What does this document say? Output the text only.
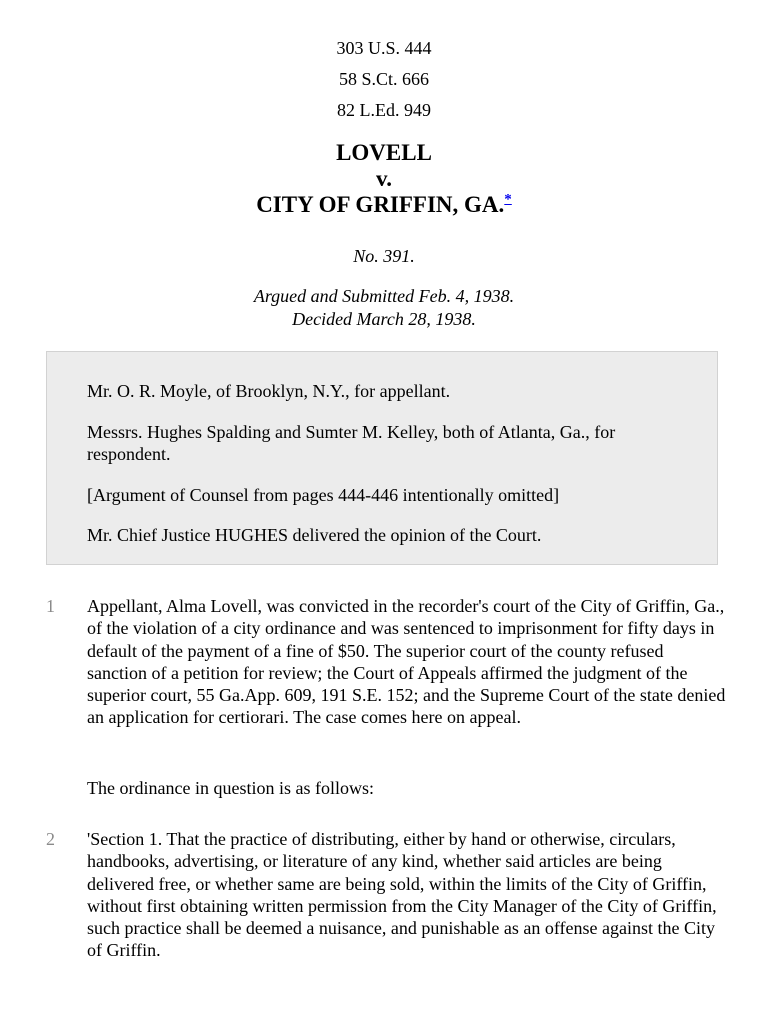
303 U.S. 444
58 S.Ct. 666
82 L.Ed. 949
LOVELL
v.
CITY OF GRIFFIN, GA.*
No. 391.
Argued and Submitted Feb. 4, 1938.
Decided March 28, 1938.

Mr. O. R. Moyle, of Brooklyn, N.Y., for appellant.

Messrs. Hughes Spalding and Sumter M. Kelley, both of Atlanta, Ga., for respondent.

[Argument of Counsel from pages 444-446 intentionally omitted]

Mr. Chief Justice HUGHES delivered the opinion of the Court.

1 Appellant, Alma Lovell, was convicted in the recorder's court of the City of Griffin, Ga., of the violation of a city ordinance and was sentenced to imprisonment for fifty days in default of the payment of a fine of $50. The superior court of the county refused sanction of a petition for review; the Court of Appeals affirmed the judgment of the superior court, 55 Ga.App. 609, 191 S.E. 152; and the Supreme Court of the state denied an application for certiorari. The case comes here on appeal.

The ordinance in question is as follows:

2 'Section 1. That the practice of distributing, either by hand or otherwise, circulars, handbooks, advertising, or literature of any kind, whether said articles are being delivered free, or whether same are being sold, within the limits of the City of Griffin, without first obtaining written permission from the City Manager of the City of Griffin, such practice shall be deemed a nuisance, and punishable as an offense against the City of Griffin.
